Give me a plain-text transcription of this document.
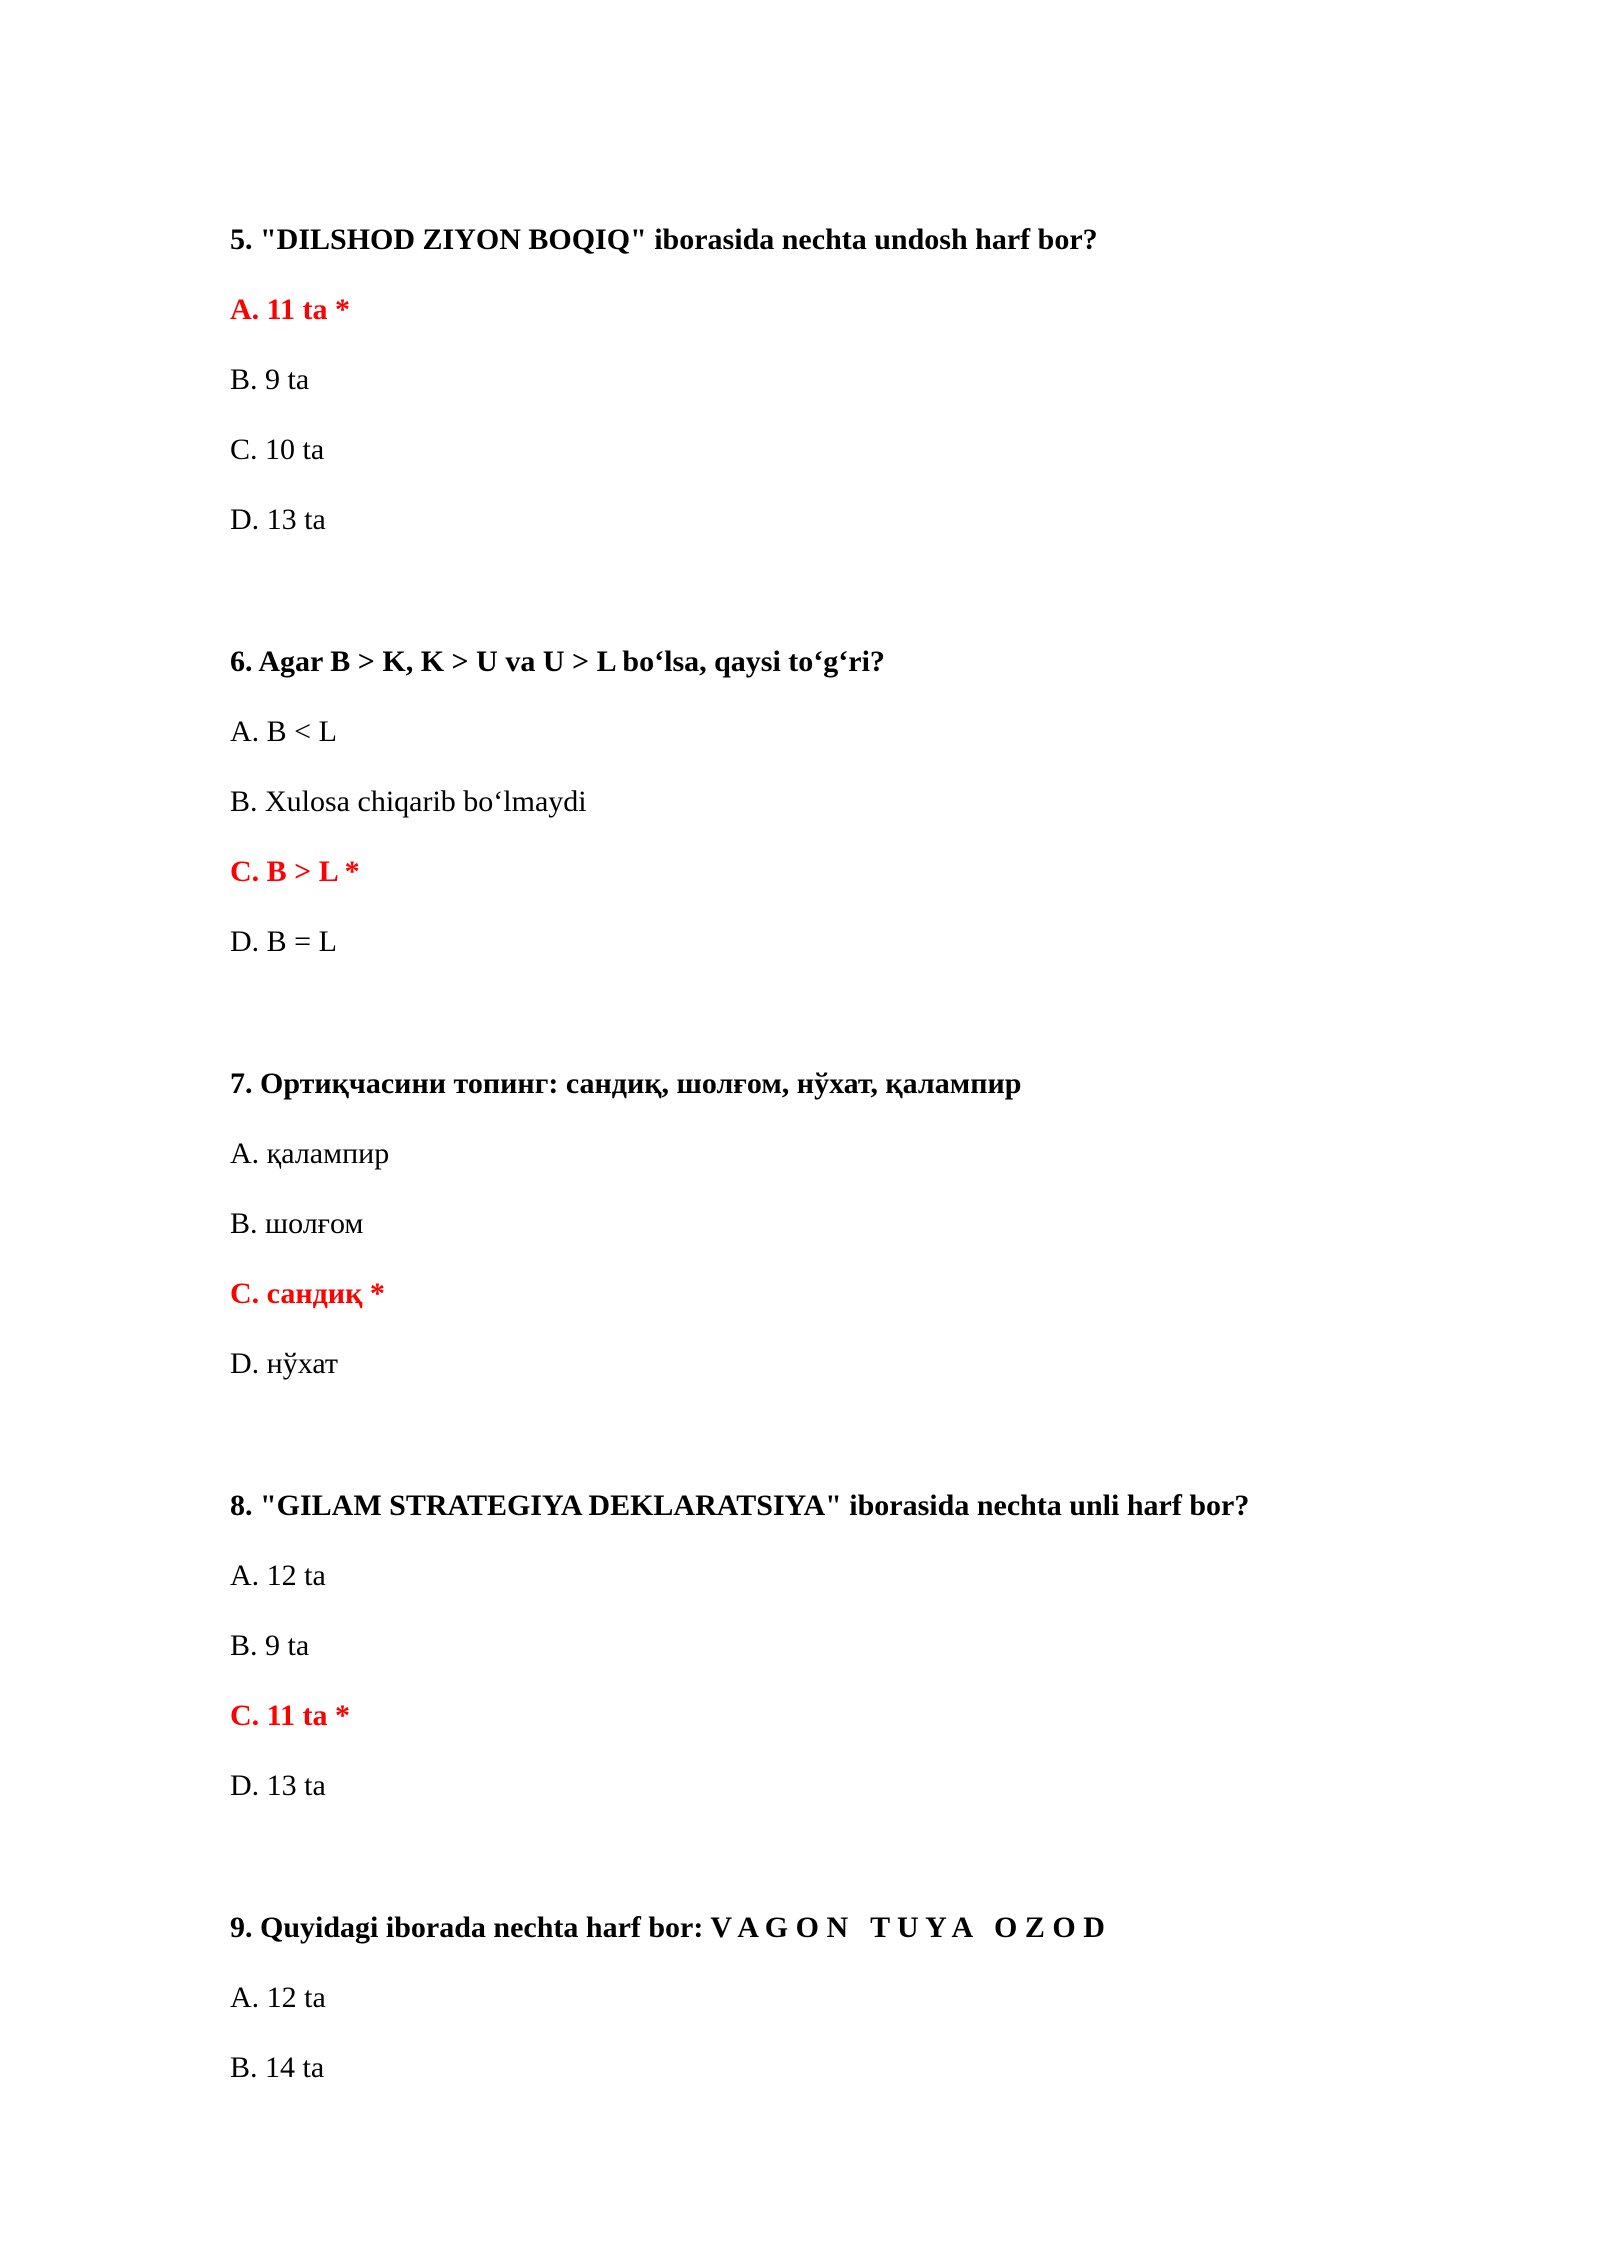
5. "DILSHOD ZIYON BOQIQ" iborasida nechta undosh harf bor?
A. 11 ta *
B. 9 ta
C. 10 ta
D. 13 ta
6. Agar B > K, K > U va U > L bo‘lsa, qaysi to‘g‘ri?
A. B < L
B. Xulosa chiqarib bo‘lmaydi
C. B > L *
D. B = L
7. Ортиқчасини топинг: сандиқ, шолғом, нўхат, қалампир
A. қалампир
B. шолғом
C. сандиқ *
D. нўхат
8. "GILAM STRATEGIYA DEKLARATSIYA" iborasida nechta unli harf bor?
A. 12 ta
B. 9 ta
C. 11 ta *
D. 13 ta
9. Quyidagi iborada nechta harf bor: V A G O N   T U Y A   O Z O D
A. 12 ta
B. 14 ta
